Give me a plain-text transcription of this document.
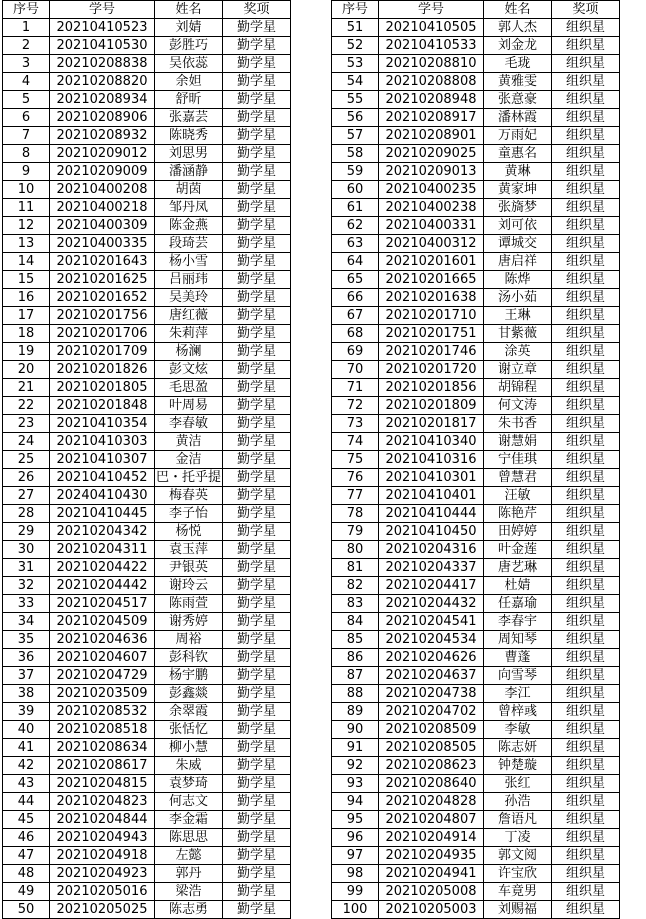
序号	学号	姓名	奖项
1	20210410523	刘婧	勤学星
2	20210410530	彭胜巧	勤学星
3	20210208838	吴依蕊	勤学星
4	20210208820	余妲	勤学星
5	20210208934	舒昕	勤学星
6	20210208906	张嘉芸	勤学星
7	20210208932	陈晓秀	勤学星
8	20210209012	刘思男	勤学星
9	20210209009	潘涵静	勤学星
10	20210400208	胡茵	勤学星
11	20210400218	邹丹凤	勤学星
12	20210400309	陈金燕	勤学星
13	20210400335	段琦芸	勤学星
14	20210201643	杨小雪	勤学星
15	20210201625	吕丽玮	勤学星
16	20210201652	吴美玲	勤学星
17	20210201756	唐红薇	勤学星
18	20210201706	朱莉萍	勤学星
19	20210201709	杨澜	勤学星
20	20210201826	彭文炫	勤学星
21	20210201805	毛思盈	勤学星
22	20210201848	叶周易	勤学星
23	20210410354	李春敏	勤学星
24	20210410303	黄洁	勤学星
25	20210410307	金洁	勤学星
26	20210410452	巴・托乎提	勤学星
27	20240410430	梅春英	勤学星
28	20210410445	李子怡	勤学星
29	20210204342	杨悦	勤学星
30	20210204311	袁玉萍	勤学星
31	20210204422	尹银英	勤学星
32	20210204442	谢玲云	勤学星
33	20210204517	陈雨萱	勤学星
34	20210204509	谢秀婷	勤学星
35	20210204636	周裕	勤学星
36	20210204607	彭科钦	勤学星
37	20210204729	杨宇鹏	勤学星
38	20210203509	彭鑫燚	勤学星
39	20210208532	余翠霞	勤学星
40	20210208518	张恬忆	勤学星
41	20210208634	柳小慧	勤学星
42	20210208617	朱威	勤学星
43	20210204815	袁梦琦	勤学星
44	20210204823	何志文	勤学星
45	20210204844	李金霜	勤学星
46	20210204943	陈思思	勤学星
47	20210204918	左懿	勤学星
48	20210204923	郭丹	勤学星
49	20210205016	梁浩	勤学星
50	20210205025	陈志勇	勤学星
序号	学号	姓名	奖项
51	20210410505	郭人杰	组织星
52	20210410533	刘金龙	组织星
53	20210208810	毛珑	组织星
54	20210208808	黄雅雯	组织星
55	20210208948	张意豪	组织星
56	20210208917	潘林霞	组织星
57	20210208901	万雨妃	组织星
58	20210209025	童惠名	组织星
59	20210209013	黄琳	组织星
60	20210400235	黄家坤	组织星
61	20210400238	张旖梦	组织星
62	20210400331	刘可依	组织星
63	20210400312	谭城交	组织星
64	20210201601	唐启祥	组织星
65	20210201665	陈烨	组织星
66	20210201638	汤小茹	组织星
67	20210201710	王琳	组织星
68	20210201751	甘紫薇	组织星
69	20210201746	涂英	组织星
70	20210201720	谢立章	组织星
71	20210201856	胡锦程	组织星
72	20210201809	何文涛	组织星
73	20210201817	朱书香	组织星
74	20210410340	谢慧娟	组织星
75	20210410316	宁佳琪	组织星
76	20210410301	曾慧君	组织星
77	20210410401	汪敏	组织星
78	20210410444	陈艳芹	组织星
79	20210410450	田婷婷	组织星
80	20210204316	叶金莲	组织星
81	20210204337	唐艺琳	组织星
82	20210204417	杜婧	组织星
83	20210204432	任嘉瑜	组织星
84	20210204541	李春宇	组织星
85	20210204534	周知琴	组织星
86	20210204626	曹蓬	组织星
87	20210204637	向雪琴	组织星
88	20210204738	李江	组织星
89	20210204702	曾梓彧	组织星
90	20210208509	李敏	组织星
91	20210208505	陈志妍	组织星
92	20210208623	钟楚璇	组织星
93	20210208640	张红	组织星
94	20210204828	孙浩	组织星
95	20210204807	詹语凡	组织星
96	20210204914	丁凌	组织星
97	20210204935	郭文阅	组织星
98	20210204941	许宝欣	组织星
99	20210205008	车竟男	组织星
100	20210205003	刘赐福	组织星
